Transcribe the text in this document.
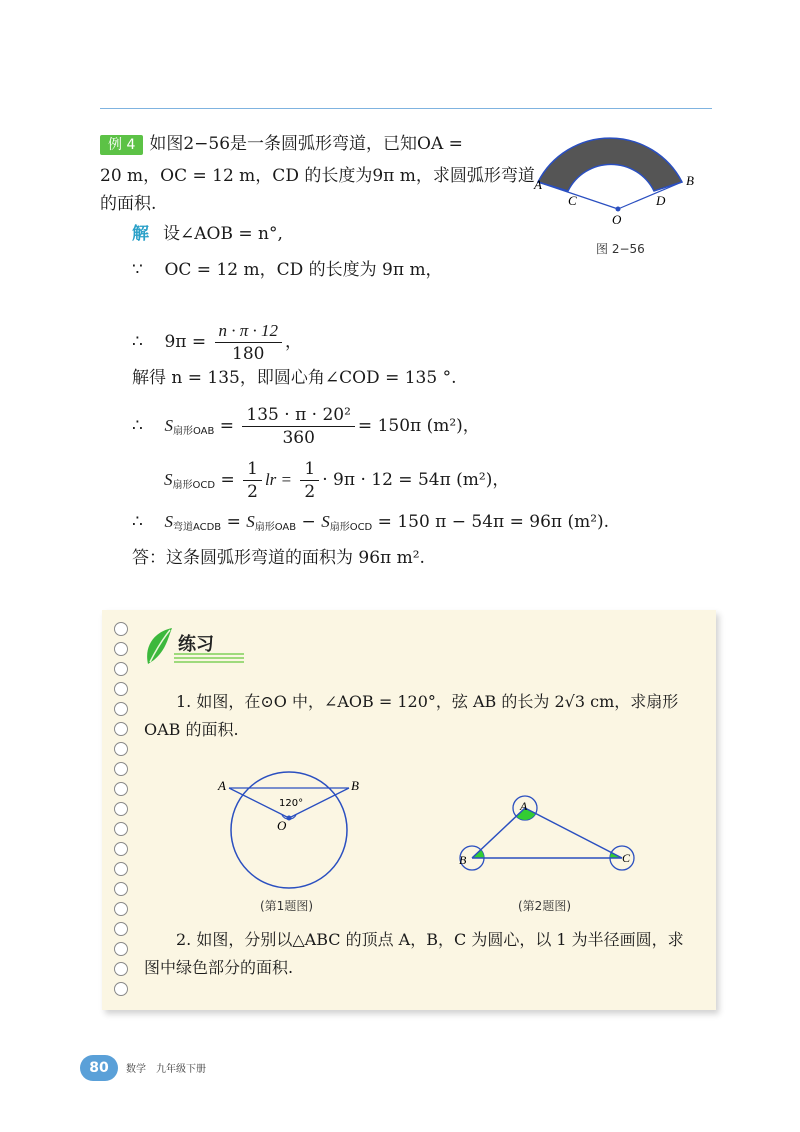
例 4 如图2−56是一条圆弧形弯道，已知OA =
20 m，OC = 12 m，CD 的长度为9π m，求圆弧形弯道
的面积.
解 设∠AOB = n°,
∵ OC = 12 m，CD 的长度为 9π m，
∴ $9\pi = \frac{n \cdot \pi \cdot 12}{180}$ ，
解得 n = 135，即圆心角∠COD = 135 °.
∴ $S_{扇形OAB} = \frac{\text{135 · π · 20²}}{360} = 150\pi$ (m²)，
$S_{扇形OCD} = \frac{1}{2}$ lr = $\frac{1}{2} \cdot 9\pi \cdot 12 = 54\pi$ (m²)，
∴ $S_{弯道ACDB} = S_{扇形OAB} - S_{扇形OCD} = 150$ π − 54π = 96π (m²).
答：这条圆弧形弯道的面积为 96π m².
A	B
C	D
O
图 2−56
练习
1. 如图，在⊙O 中，∠AOB = 120°，弦 AB 的长为 2√3 cm，求扇形
OAB 的面积.
A	B
O
120°
(第1题图)
A
B	C
(第2题图)
2. 如图，分别以△ABC 的顶点 A，B，C 为圆心，以 1 为半径画圆，求
图中绿色部分的面积.
80	数学　九年级下册
